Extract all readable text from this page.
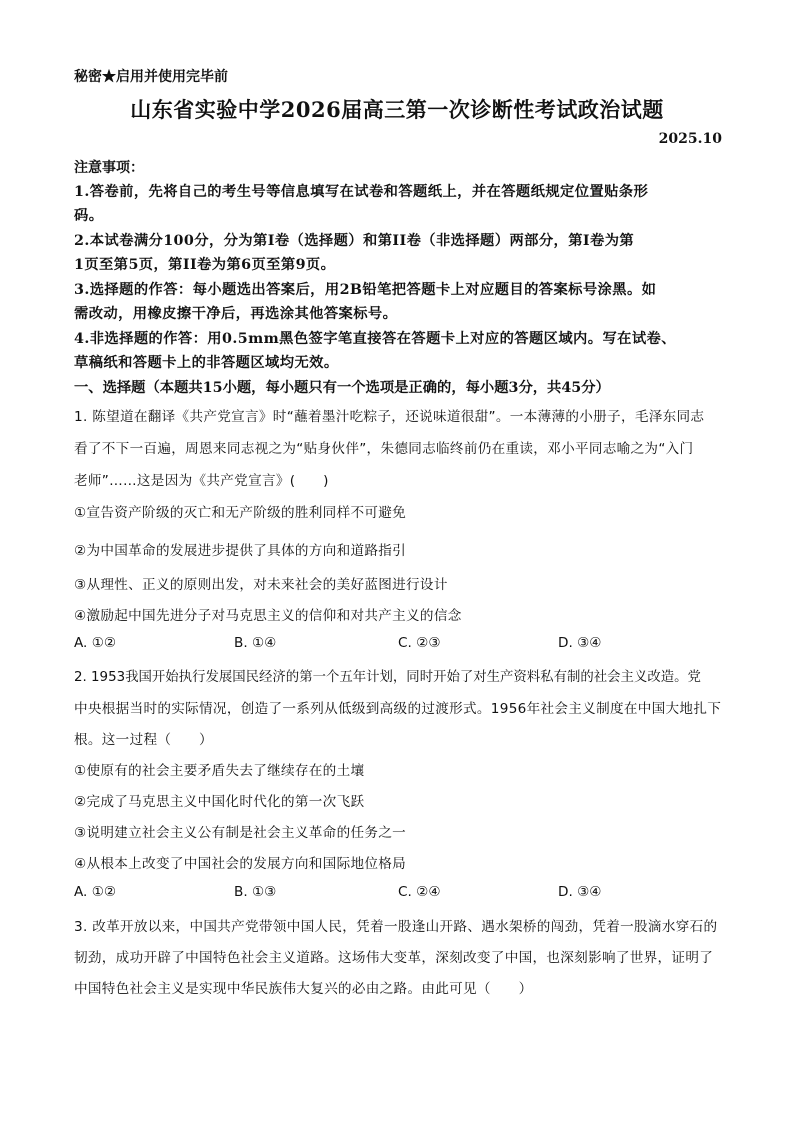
秘密★启用并使用完毕前
山东省实验中学2026届高三第一次诊断性考试政治试题
2025.10
注意事项：
1.答卷前，先将自己的考生号等信息填写在试卷和答题纸上，并在答题纸规定位置贴条形
码。
2.本试卷满分100分，分为第I卷（选择题）和第II卷（非选择题）两部分，第I卷为第
1页至第5页，第II卷为第6页至第9页。
3.选择题的作答：每小题选出答案后，用2B铅笔把答题卡上对应题目的答案标号涂黑。如
需改动，用橡皮擦干净后，再选涂其他答案标号。
4.非选择题的作答：用0.5mm黑色签字笔直接答在答题卡上对应的答题区域内。写在试卷、
草稿纸和答题卡上的非答题区域均无效。
一、选择题（本题共15小题，每小题只有一个选项是正确的，每小题3分，共45分）
1. 陈望道在翻译《共产党宣言》时“蘸着墨汁吃粽子，还说味道很甜”。一本薄薄的小册子，毛泽东同志
看了不下一百遍，周恩来同志视之为“贴身伙伴”，朱德同志临终前仍在重读，邓小平同志喻之为“入门
老师”……这是因为《共产党宣言》(　　)
①宣告资产阶级的灭亡和无产阶级的胜利同样不可避免
②为中国革命的发展进步提供了具体的方向和道路指引
③从理性、正义的原则出发，对未来社会的美好蓝图进行设计
④激励起中国先进分子对马克思主义的信仰和对共产主义的信念
A. ①②	B. ①④	C. ②③	D. ③④
2. 1953我国开始执行发展国民经济的第一个五年计划，同时开始了对生产资料私有制的社会主义改造。党
中央根据当时的实际情况，创造了一系列从低级到高级的过渡形式。1956年社会主义制度在中国大地扎下
根。这一过程（　　）
①使原有的社会主要矛盾失去了继续存在的土壤
②完成了马克思主义中国化时代化的第一次飞跃
③说明建立社会主义公有制是社会主义革命的任务之一
④从根本上改变了中国社会的发展方向和国际地位格局
A. ①②	B. ①③	C. ②④	D. ③④
3. 改革开放以来，中国共产党带领中国人民，凭着一股逢山开路、遇水架桥的闯劲，凭着一股滴水穿石的
韧劲，成功开辟了中国特色社会主义道路。这场伟大变革，深刻改变了中国，也深刻影响了世界，证明了
中国特色社会主义是实现中华民族伟大复兴的必由之路。由此可见（　　）
